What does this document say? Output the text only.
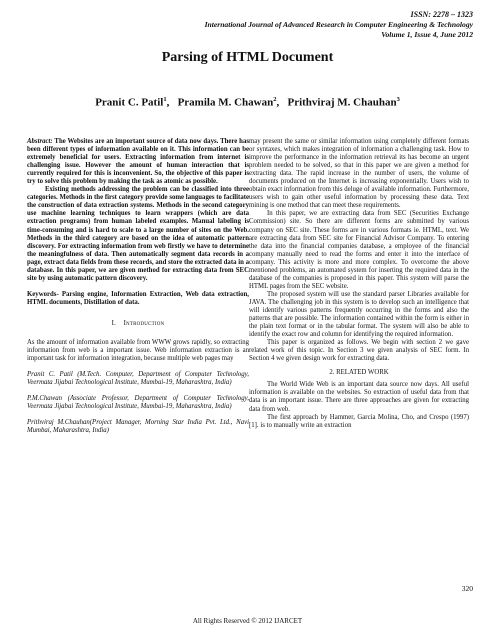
ISSN: 2278 – 1323
International Journal of Advanced Research in Computer Engineering & Technology
Volume 1, Issue 4, June 2012
Parsing of HTML Document
Pranit C. Patil$^1$,   Pramila M. Chawan$^2$,   Prithviraj M. Chauhan$^3$

Abstract: The Websites are an important source of data now days. There has been different types of information available on it. This information can be extremely beneficial for users. Extracting information from internet is challenging issue. However the amount of human interaction that is currently required for this is inconvenient. So, the objective of this paper is try to solve this problem by making the task as atomic as possible.

Existing methods addressing the problem can be classified into three categories. Methods in the first category provide some languages to facilitate the construction of data extraction systems. Methods in the second category use machine learning techniques to learn wrappers (which are data extraction programs) from human labeled examples. Manual labeling is time-consuming and is hard to scale to a large number of sites on the Web. Methods in the third category are based on the idea of automatic pattern discovery. For extracting information from web firstly we have to determine the meaningfulness of data. Then automatically segment data records in a page, extract data fields from these records, and store the extracted data in a database. In this paper, we are given method for extracting data from SEC site by using automatic pattern discovery.

Keywords- Parsing engine, Information Extraction, Web data extraction, HTML documents, Distillation of data.

I. Introduction

As the amount of information available from WWW grows rapidly, so extracting information from web is a important issue. Web information extraction is an important task for information integration, because multiple web pages may

Pranit C. Patil (M.Tech. Computer, Department of Computer Technology, Veermata Jijabai Technological Institute, Mumbai-19, Maharashtra, India)

P.M.Chawan (Associate Professor, Department of Computer Technology, Veermata Jijabai Technological Institute, Mumbai-19, Maharashtra, India)

Prithviraj M.Chauhan(Project Manager, Morning Star India Pvt. Ltd., Navi Mumbai, Maharashtra, India)

may present the same or similar information using completely different formats or syntaxes, which makes integration of information a challenging task. How to improve the performance in the information retrieval its has become an urgent problem needed to be solved, so that in this paper we are given a method for extracting data. The rapid increase in the number of users, the volume of documents produced on the Internet is increasing exponentially. Users wish to obtain exact information from this deluge of available information. Furthermore, users wish to gain other useful information by processing these data. Text mining is one method that can meet these requirements.

In this paper, we are extracting data from SEC (Securities Exchange Commission) site. So there are different forms are submitted by various company on SEC site. These forms are in various formats ie. HTML, text. We are extracting data from SEC site for Financial Advisor Company. To entering the data into the financial companies database, a employee of the financial company manually need to read the forms and enter it into the interface of company. This activity is more and more complex. To overcome the above mentioned problems, an automated system for inserting the required data in the database of the companies is proposed in this paper. This system will parse the HTML pages from the SEC website.

The proposed system will use the standard parser Libraries available for JAVA. The challenging job in this system is to develop such an intelligence that will identify various patterns frequently occurring in the forms and also the patterns that are possible. The information contained within the form is either in the plain text format or in the tabular format. The system will also be able to identify the exact row and column for identifying the required information.

This paper is organized as follows. We begin with section 2 we gave related work of this topic. In Section 3 we given analysis of SEC form. In Section 4 we given design work for extracting data.

2. RELATED WORK

The World Wide Web is an important data source now days. All useful information is available on the websites. So extraction of useful data from that data is an important issue. There are three approaches are given for extracting data from web.

The first approach by Hammer, Garcia Molina, Cho, and Crespo (1997) [1]. is to manually write an extraction

320
All Rights Reserved © 2012 IJARCET
